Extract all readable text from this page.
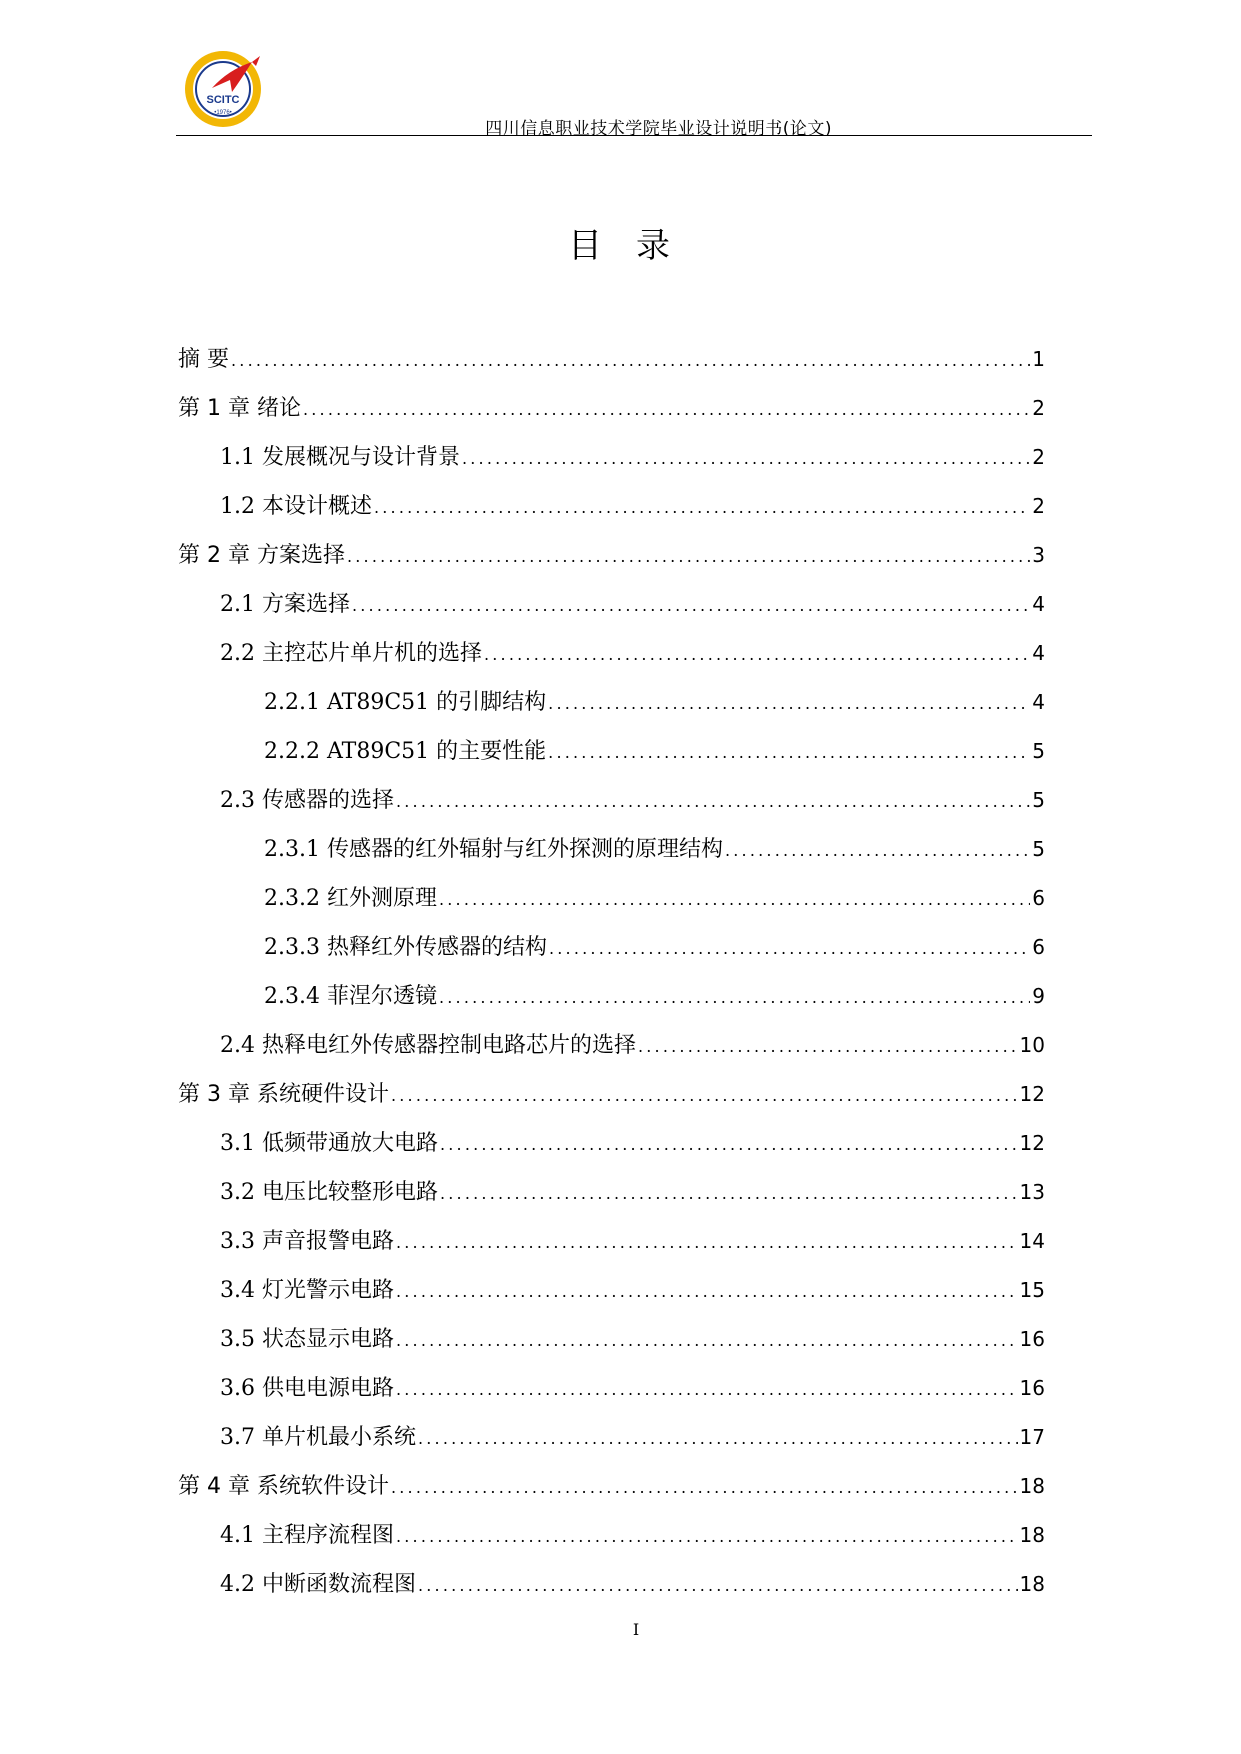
SCITC
•1976•
四川信息职业技术学院毕业设计说明书(论文)
目录
摘 要 .....	1
第 1 章 绪论 .....	2
1.1 发展概况与设计背景 .....	2
1.2 本设计概述 .....	2
第 2 章 方案选择 .....	3
2.1 方案选择 .....	4
2.2 主控芯片单片机的选择 .....	4
2.2.1 AT89C51 的引脚结构 .....	4
2.2.2 AT89C51 的主要性能 .....	5
2.3 传感器的选择 .....	5
2.3.1 传感器的红外辐射与红外探测的原理结构 .....	5
2.3.2 红外测原理 .....	6
2.3.3 热释红外传感器的结构 .....	6
2.3.4 菲涅尔透镜 .....	9
2.4 热释电红外传感器控制电路芯片的选择 .....	10
第 3 章 系统硬件设计 .....	12
3.1 低频带通放大电路 .....	12
3.2 电压比较整形电路 .....	13
3.3 声音报警电路 .....	14
3.4 灯光警示电路 .....	15
3.5 状态显示电路 .....	16
3.6 供电电源电路 .....	16
3.7 单片机最小系统 .....	17
第 4 章 系统软件设计 .....	18
4.1 主程序流程图 .....	18
4.2 中断函数流程图 .....	18
I
